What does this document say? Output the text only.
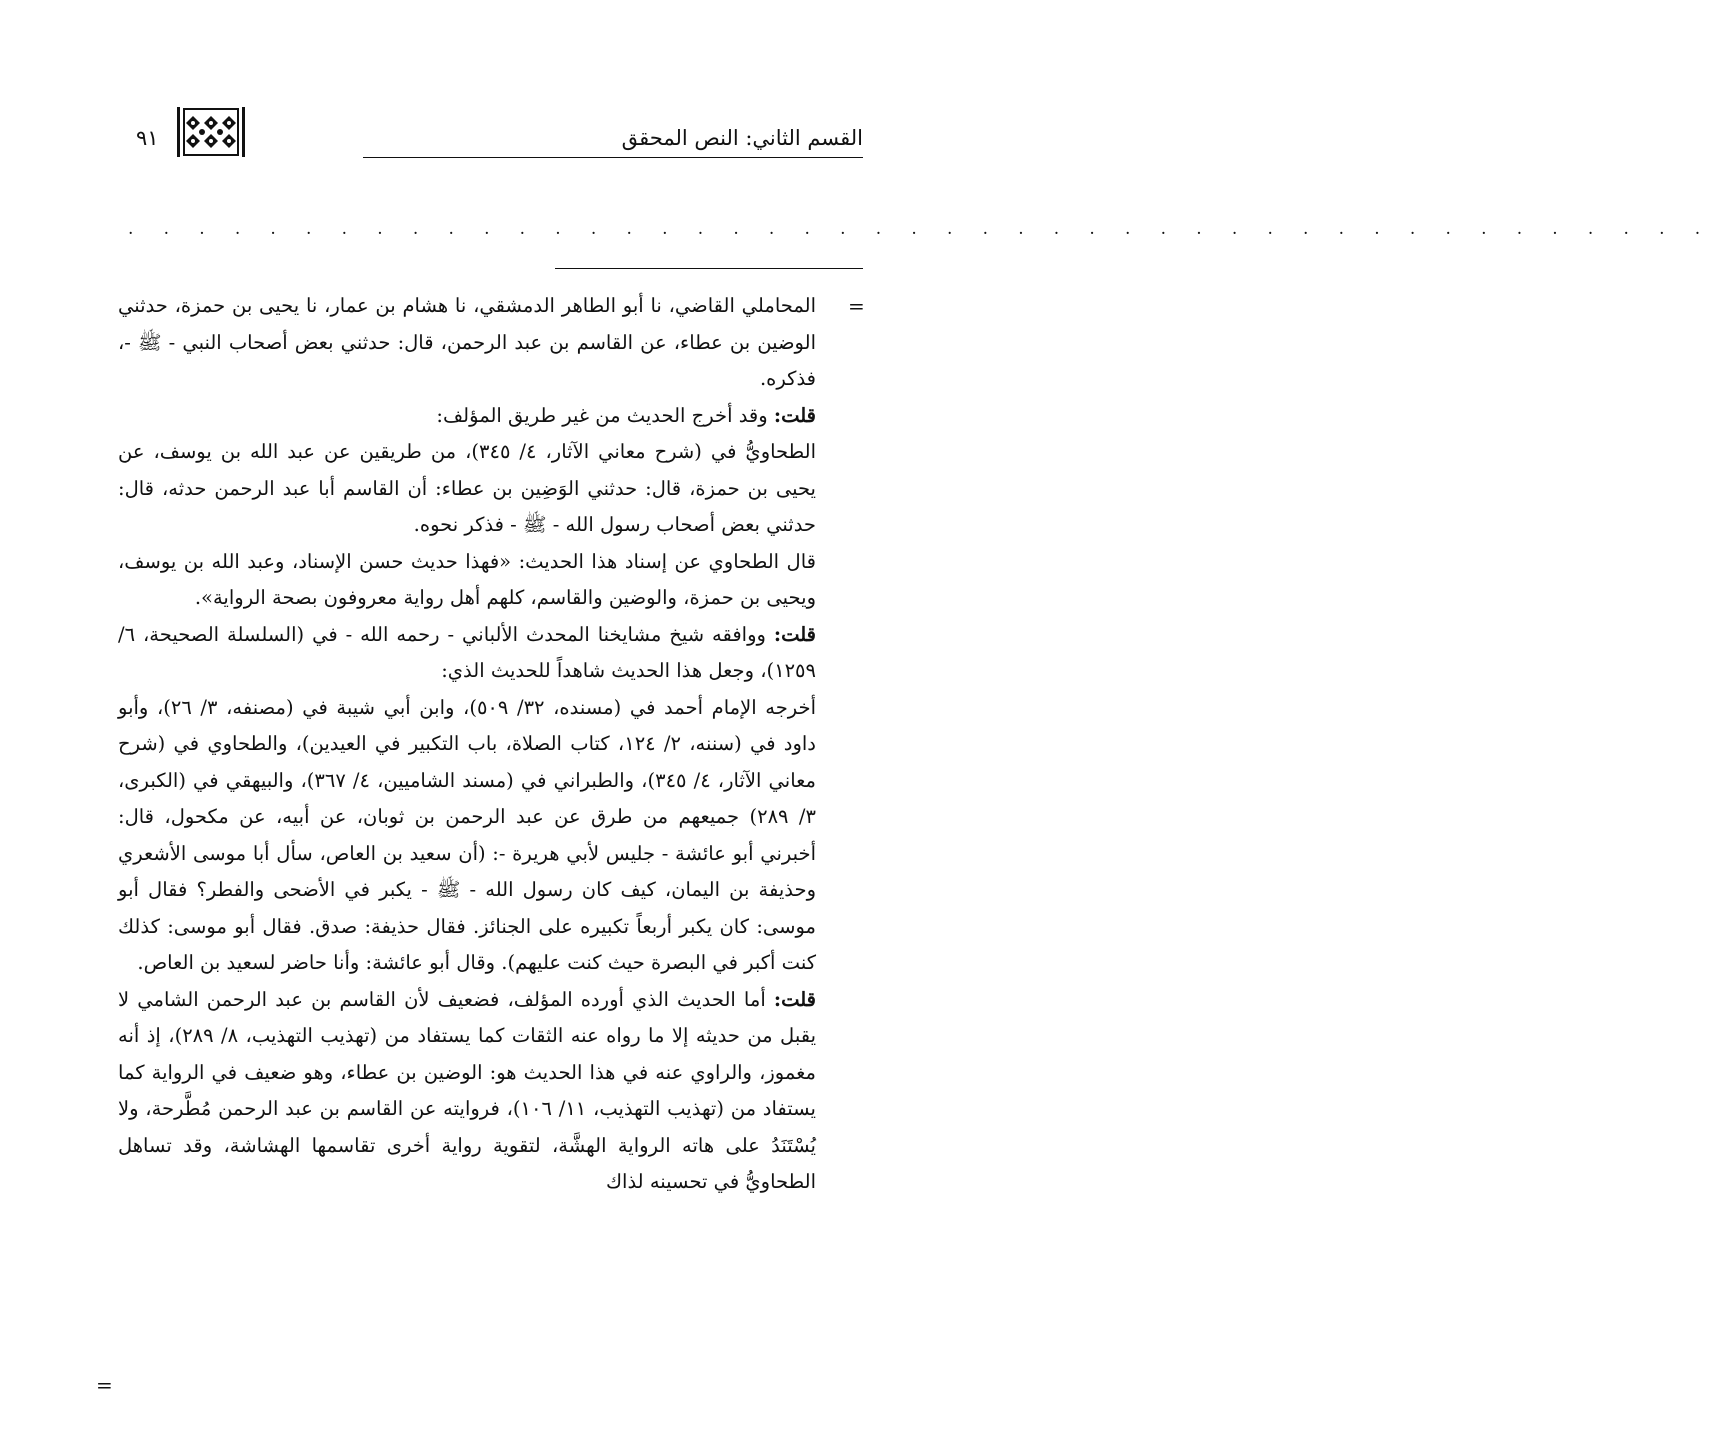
القسم الثاني: النص المحقق
٩١
. . . . . . . . . . . . . . . . . . . . . . . . . . . . . . . . . . . . . . . . . . . . .
=
=

المحاملي القاضي، نا أبو الطاهر الدمشقي، نا هشام بن عمار، نا يحيى بن حمزة، حدثني الوضين بن عطاء، عن القاسم بن عبد الرحمن، قال: حدثني بعض أصحاب النبي - ﷺ -، فذكره.

قلت: وقد أخرج الحديث من غير طريق المؤلف:

الطحاويُّ في (شرح معاني الآثار، ٤/ ٣٤٥)، من طريقين عن عبد الله بن يوسف، عن يحيى بن حمزة، قال: حدثني الوَضِين بن عطاء: أن القاسم أبا عبد الرحمن حدثه، قال: حدثني بعض أصحاب رسول الله - ﷺ - فذكر نحوه.

قال الطحاوي عن إسناد هذا الحديث: «فهذا حديث حسن الإسناد، وعبد الله بن يوسف، ويحيى بن حمزة، والوضين والقاسم، كلهم أهل رواية معروفون بصحة الرواية».

قلت: ووافقه شيخ مشايخنا المحدث الألباني - رحمه الله - في (السلسلة الصحيحة، ٦/ ١٢٥٩)، وجعل هذا الحديث شاهداً للحديث الذي:

أخرجه الإمام أحمد في (مسنده، ٣٢/ ٥٠٩)، وابن أبي شيبة في (مصنفه، ٣/ ٢٦)، وأبو داود في (سننه، ٢/ ١٢٤، كتاب الصلاة، باب التكبير في العيدين)، والطحاوي في (شرح معاني الآثار، ٤/ ٣٤٥)، والطبراني في (مسند الشاميين، ٤/ ٣٦٧)، والبيهقي في (الكبرى، ٣/ ٢٨٩) جميعهم من طرق عن عبد الرحمن بن ثوبان، عن أبيه، عن مكحول، قال: أخبرني أبو عائشة - جليس لأبي هريرة -: (أن سعيد بن العاص، سأل أبا موسى الأشعري وحذيفة بن اليمان، كيف كان رسول الله - ﷺ - يكبر في الأضحى والفطر؟ فقال أبو موسى: كان يكبر أربعاً تكبيره على الجنائز. فقال حذيفة: صدق. فقال أبو موسى: كذلك كنت أكبر في البصرة حيث كنت عليهم). وقال أبو عائشة: وأنا حاضر لسعيد بن العاص.

قلت: أما الحديث الذي أورده المؤلف، فضعيف لأن القاسم بن عبد الرحمن الشامي لا يقبل من حديثه إلا ما رواه عنه الثقات كما يستفاد من (تهذيب التهذيب، ٨/ ٢٨٩)، إذ أنه مغموز، والراوي عنه في هذا الحديث هو: الوضين بن عطاء، وهو ضعيف في الرواية كما يستفاد من (تهذيب التهذيب، ١١/ ١٠٦)، فروايته عن القاسم بن عبد الرحمن مُطَّرحة، ولا يُسْتَنَدُ على هاته الرواية الهشَّة، لتقوية رواية أخرى تقاسمها الهشاشة، وقد تساهل الطحاويُّ في تحسينه لذاك
